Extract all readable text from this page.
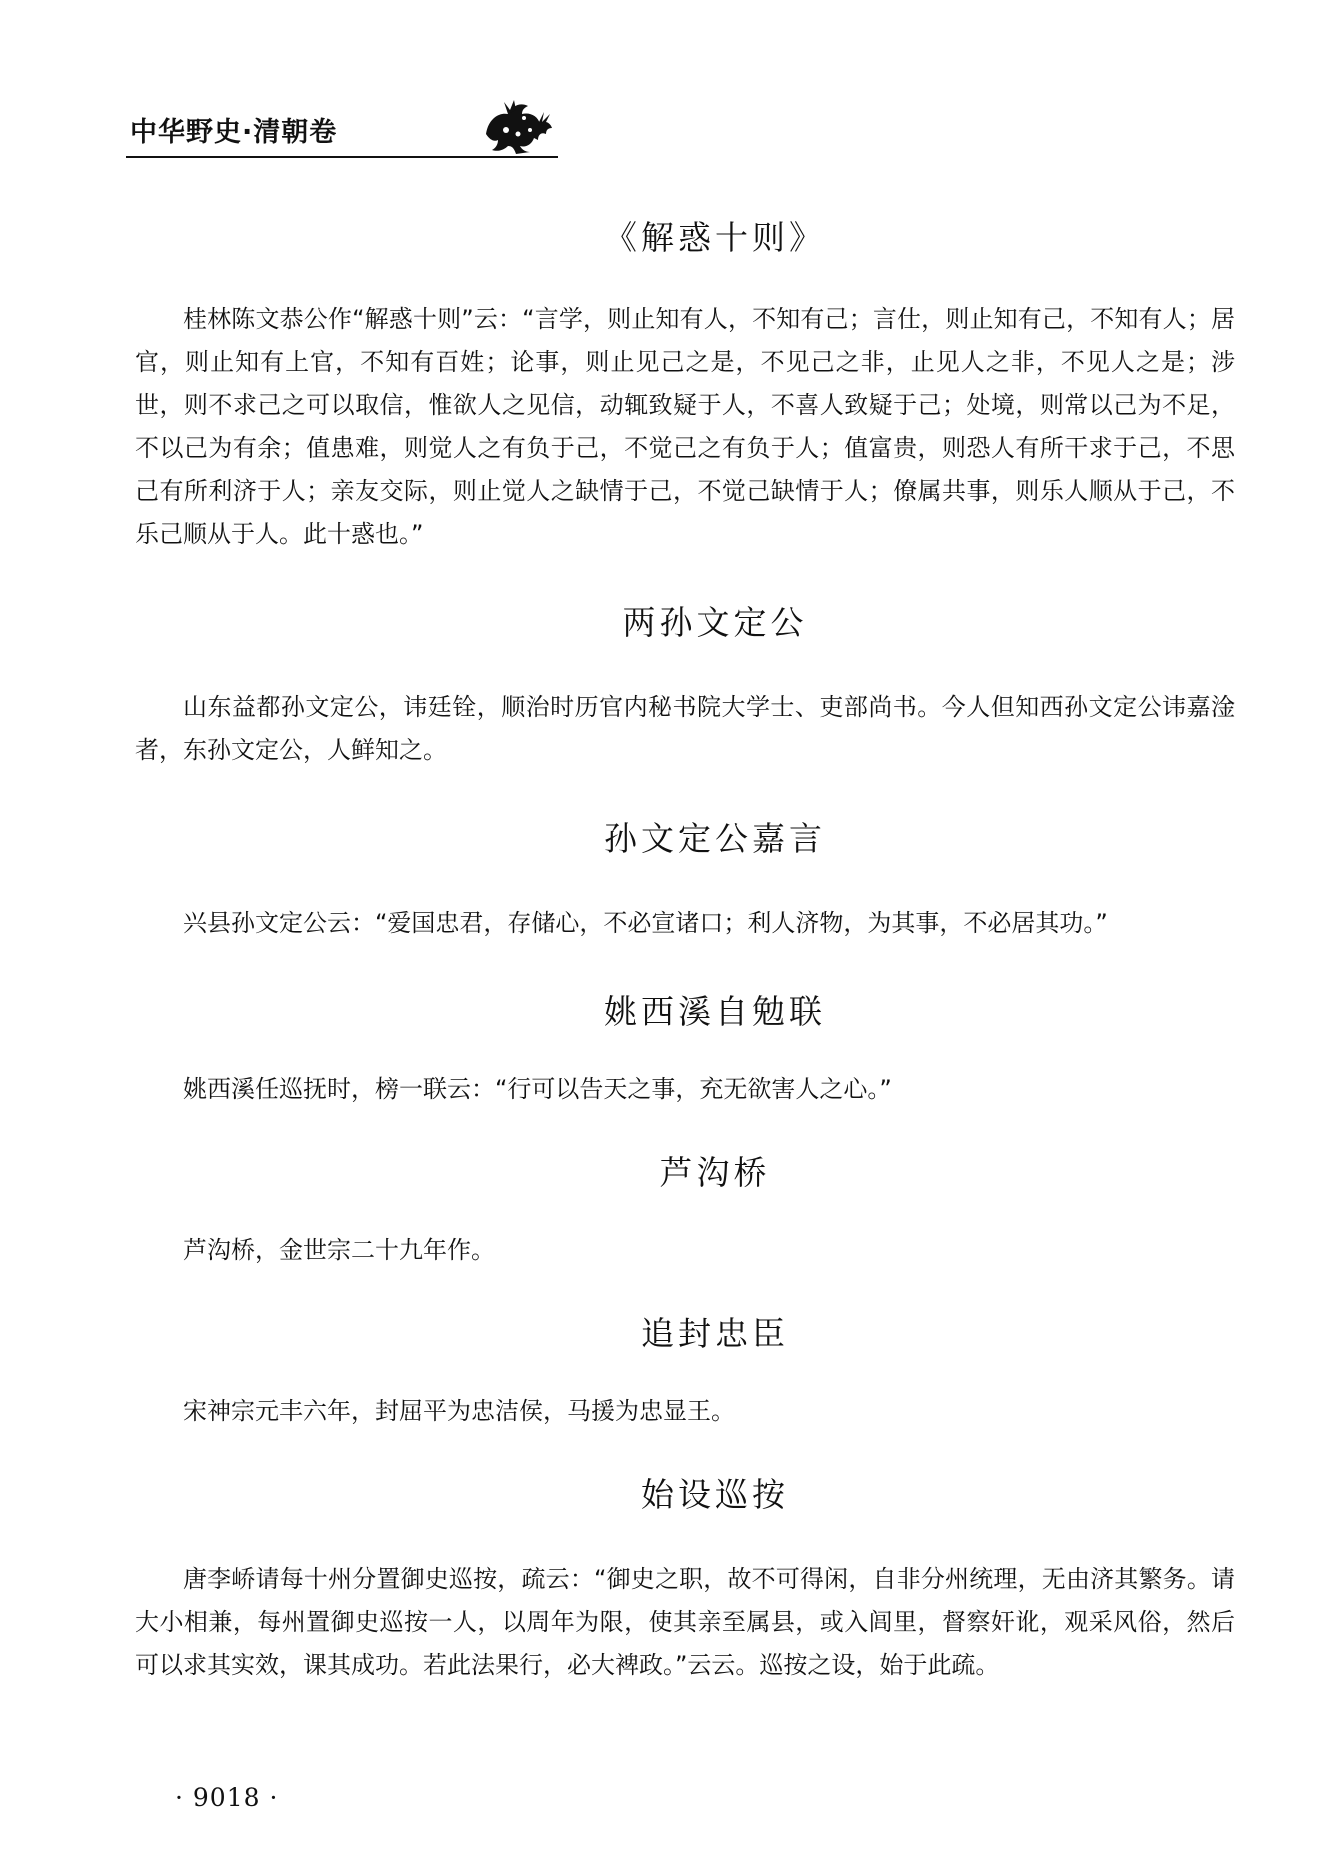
中华野史·清朝卷
《解惑十则》

桂林陈文恭公作“解惑十则”云：“言学，则止知有人，不知有己；言仕，则止知有己，不知有人；居官，则止知有上官，不知有百姓；论事，则止见己之是，不见己之非，止见人之非，不见人之是；涉世，则不求己之可以取信，惟欲人之见信，动辄致疑于人，不喜人致疑于己；处境，则常以己为不足，不以己为有余；值患难，则觉人之有负于己，不觉己之有负于人；值富贵，则恐人有所干求于己，不思己有所利济于人；亲友交际，则止觉人之缺情于己，不觉己缺情于人；僚属共事，则乐人顺从于己，不乐己顺从于人。此十惑也。”

两孙文定公

山东益都孙文定公，讳廷铨，顺治时历官内秘书院大学士、吏部尚书。今人但知西孙文定公讳嘉淦者，东孙文定公，人鲜知之。

孙文定公嘉言

兴县孙文定公云：“爱国忠君，存储心，不必宣诸口；利人济物，为其事，不必居其功。”

姚西溪自勉联

姚西溪任巡抚时，榜一联云：“行可以告天之事，充无欲害人之心。”

芦沟桥

芦沟桥，金世宗二十九年作。

追封忠臣

宋神宗元丰六年，封屈平为忠洁侯，马援为忠显王。

始设巡按

唐李峤请每十州分置御史巡按，疏云：“御史之职，故不可得闲，自非分州统理，无由济其繁务。请大小相兼，每州置御史巡按一人，以周年为限，使其亲至属县，或入闾里，督察奸讹，观采风俗，然后可以求其实效，课其成功。若此法果行，必大裨政。”云云。巡按之设，始于此疏。

· 9018 ·
